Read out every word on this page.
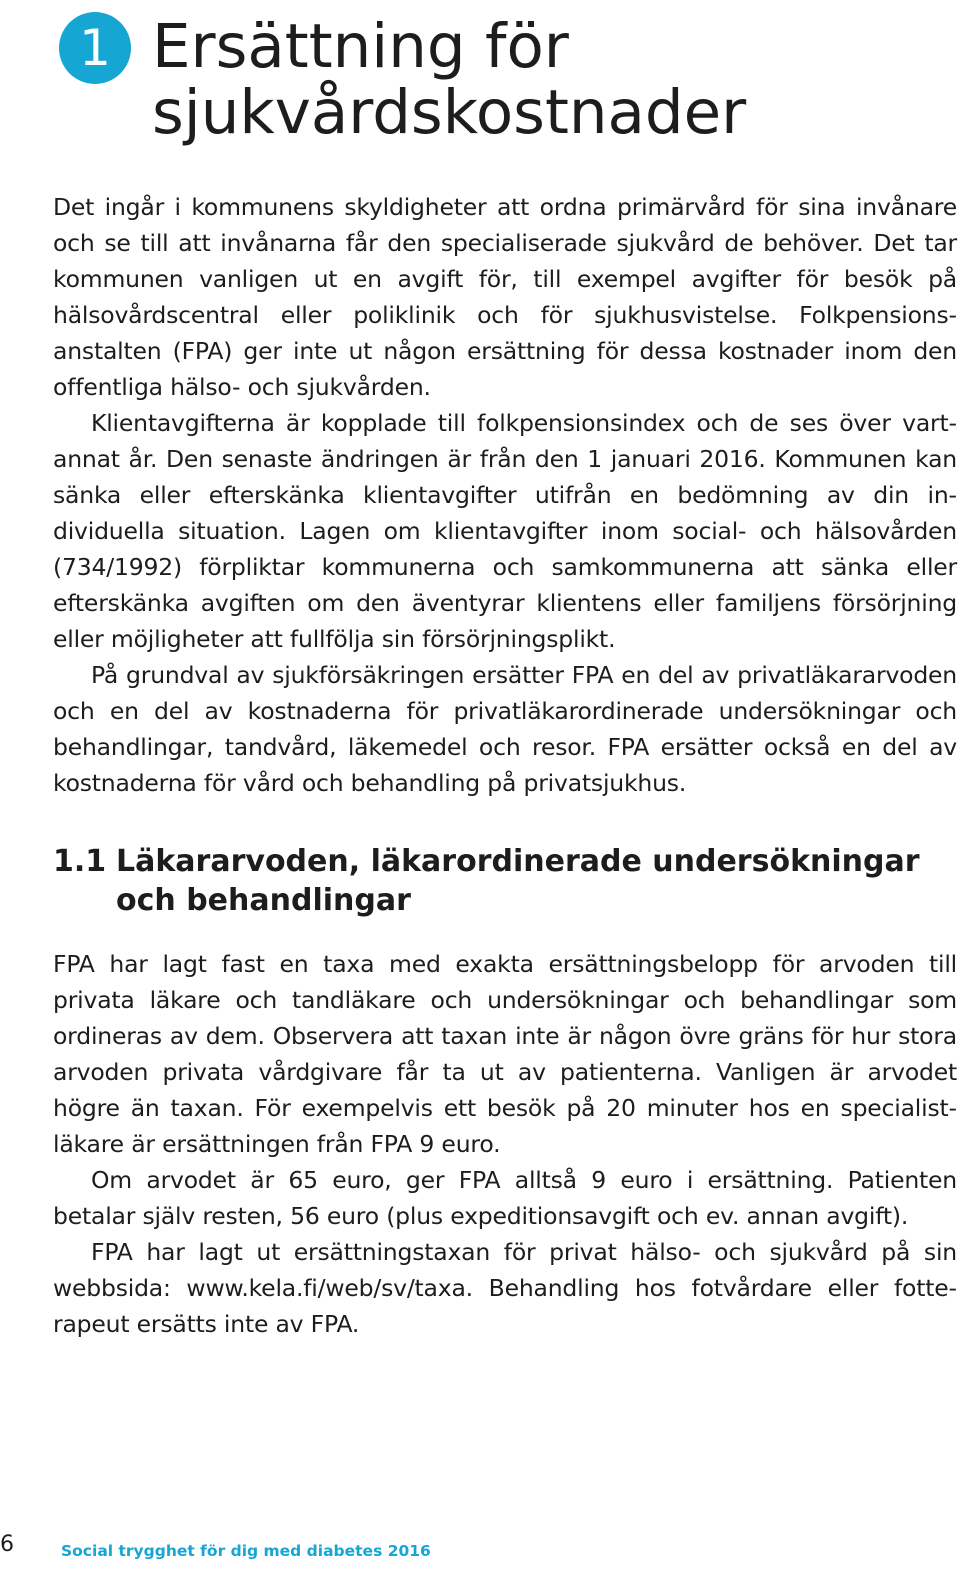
1 Ersättning för
sjukvårdskostnader

Det ingår i kommunens skyldigheter att ordna primärvård för sina invånare och se till att invånarna får den specialiserade sjukvård de behöver. Det tar kommunen vanligen ut en avgift för, till exempel avgifter för besök på hälsovårdscentral eller poliklinik och för sjukhusvistelse. Folkpensionsanstalten (FPA) ger inte ut någon ersättning för dessa kostnader inom den offentliga hälso- och sjukvården.

Klientavgifterna är kopplade till folkpensionsindex och de ses över vartannat år. Den senaste ändringen är från den 1 januari 2016. Kommunen kan sänka eller efterskänka klientavgifter utifrån en bedömning av din individuella situation. Lagen om klientavgifter inom social- och hälsovården (734/1992) förpliktar kommunerna och samkommunerna att sänka eller efterskänka avgiften om den äventyrar klientens eller familjens försörjning eller möjligheter att fullfölja sin försörjningsplikt.

På grundval av sjukförsäkringen ersätter FPA en del av privatläkararvoden och en del av kostnaderna för privatläkarordinerade undersökningar och behandlingar, tandvård, läkemedel och resor. FPA ersätter också en del av kostnaderna för vård och behandling på privatsjukhus.

1.1 Läkararvoden, läkarordinerade undersökningar och behandlingar

FPA har lagt fast en taxa med exakta ersättningsbelopp för arvoden till privata läkare och tandläkare och undersökningar och behandlingar som ordineras av dem. Observera att taxan inte är någon övre gräns för hur stora arvoden privata vårdgivare får ta ut av patienterna. Vanligen är arvodet högre än taxan. För exempelvis ett besök på 20 minuter hos en specialistläkare är ersättningen från FPA 9 euro.

Om arvodet är 65 euro, ger FPA alltså 9 euro i ersättning. Patienten betalar själv resten, 56 euro (plus expeditionsavgift och ev. annan avgift).

FPA har lagt ut ersättningstaxan för privat hälso- och sjukvård på sin webbsida: www.kela.fi/web/sv/taxa. Behandling hos fotvårdare eller fotterapeut ersätts inte av FPA.

6	Social trygghet för dig med diabetes 2016
